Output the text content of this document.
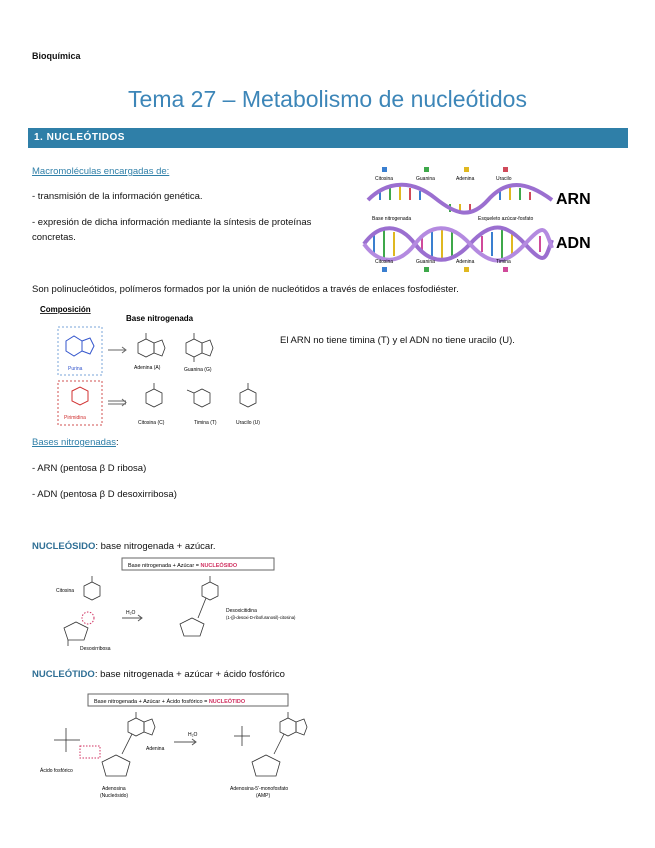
Bioquímica
Tema 27 – Metabolismo de nucleótidos
1. NUCLEÓTIDOS
Macromoléculas encargadas de:
- transmisión de la información genética.
- expresión de dicha información mediante la síntesis de proteínas
concretas.
Citosina	Guanina	Adenina	Uracilo
ARN
Base nitrogenada	Esqueleto azúcar-fosfato
ADN
Citosina	Guanina	Adenina	Timina
Son polinucleótidos, polímeros formados por la unión de nucleótidos a través de enlaces fosfodiéster.
Composición
Base nitrogenada
Purina
Pirimidina
Adenina (A)	Guanina (G)
Citosina (C)	Timina (T)	Uracilo (U)
El ARN no tiene timina (T) y el ADN no tiene uracilo (U).
Bases nitrogenadas:
- ARN (pentosa β D ribosa)
- ADN (pentosa β D desoxirribosa)
NUCLEÓSIDO: base nitrogenada + azúcar.
Base nitrogenada + Azúcar = NUCLEÓSIDO
Citosina
Desoxirribosa
H₂O	Desoxicitidina
(1-(β-desoxi-D-ribofuranosil)-citosina)
NUCLEÓTIDO: base nitrogenada + azúcar + ácido fosfórico
Base nitrogenada + Azúcar + Ácido fosfórico = NUCLEÓTIDO
Ácido fosfórico
Adenina
Adenosina
(Nucleósido)
H₂O
Adenosina-5'-monofosfato
(AMP)
